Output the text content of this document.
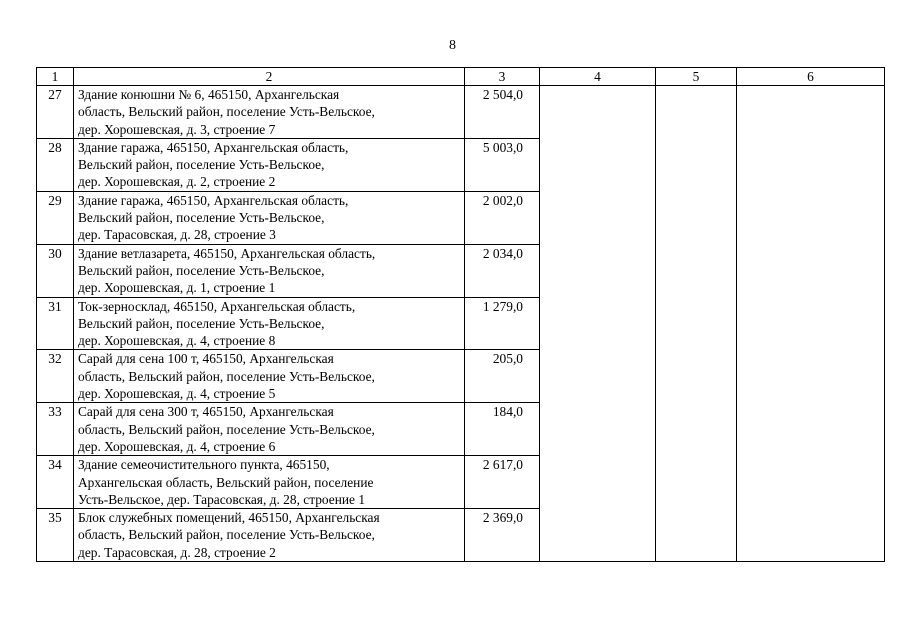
8
1	2	3	4	5	6
27	Здание конюшни № 6, 465150, Архангельская
область, Вельский район, поселение Усть-Вельское,
дер. Хорошевская, д. 3, строение 7	2 504,0			
28	Здание гаража, 465150, Архангельская область,
Вельский район, поселение Усть-Вельское,
дер. Хорошевская, д. 2, строение 2	5 003,0			
29	Здание гаража, 465150, Архангельская область,
Вельский район, поселение Усть-Вельское,
дер. Тарасовская, д. 28, строение 3	2 002,0			
30	Здание ветлазарета, 465150, Архангельская область,
Вельский район, поселение Усть-Вельское,
дер. Хорошевская, д. 1, строение 1	2 034,0			
31	Ток-зерносклад, 465150, Архангельская область,
Вельский район, поселение Усть-Вельское,
дер. Хорошевская, д. 4, строение 8	1 279,0			
32	Сарай для сена 100 т, 465150, Архангельская
область, Вельский район, поселение Усть-Вельское,
дер. Хорошевская, д. 4, строение 5	205,0			
33	Сарай для сена 300 т, 465150, Архангельская
область, Вельский район, поселение Усть-Вельское,
дер. Хорошевская, д. 4, строение 6	184,0			
34	Здание семеочистительного пункта, 465150,
Архангельская область, Вельский район, поселение
Усть-Вельское, дер. Тарасовская, д. 28, строение 1	2 617,0			
35	Блок служебных помещений, 465150, Архангельская
область, Вельский район, поселение Усть-Вельское,
дер. Тарасовская, д. 28, строение 2	2 369,0			
